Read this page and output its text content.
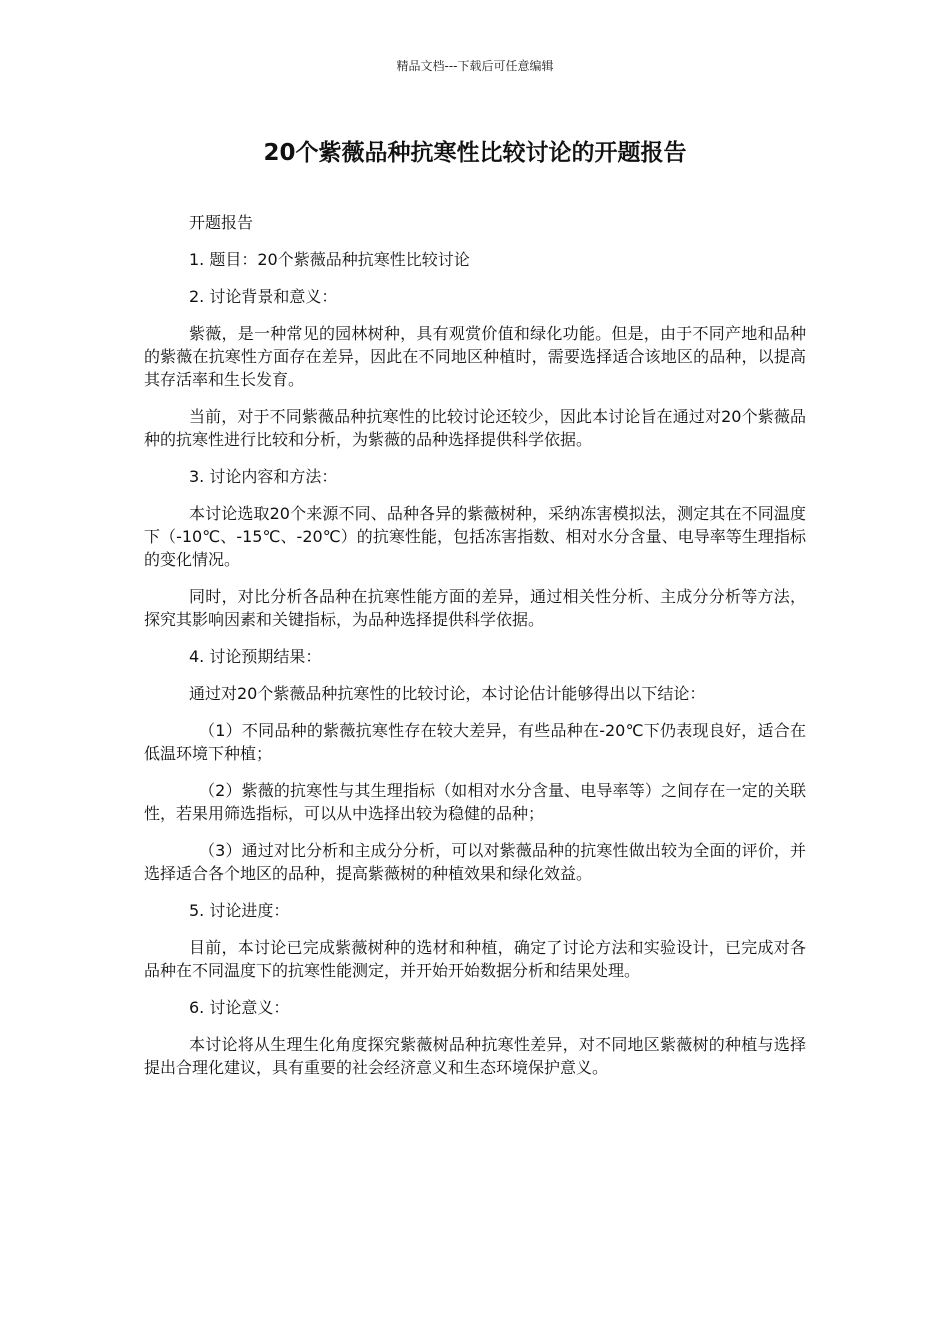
精品文档---下载后可任意编辑
20个紫薇品种抗寒性比较讨论的开题报告

开题报告

1. 题目：20个紫薇品种抗寒性比较讨论

2. 讨论背景和意义：

紫薇，是一种常见的园林树种，具有观赏价值和绿化功能。但是，由于不同产地和品种的紫薇在抗寒性方面存在差异，因此在不同地区种植时，需要选择适合该地区的品种，以提高其存活率和生长发育。

当前，对于不同紫薇品种抗寒性的比较讨论还较少，因此本讨论旨在通过对20个紫薇品种的抗寒性进行比较和分析，为紫薇的品种选择提供科学依据。

3. 讨论内容和方法：

本讨论选取20个来源不同、品种各异的紫薇树种，采纳冻害模拟法，测定其在不同温度下（-10℃、-15℃、-20℃）的抗寒性能，包括冻害指数、相对水分含量、电导率等生理指标的变化情况。

同时，对比分析各品种在抗寒性能方面的差异，通过相关性分析、主成分分析等方法，探究其影响因素和关键指标，为品种选择提供科学依据。

4. 讨论预期结果：

通过对20个紫薇品种抗寒性的比较讨论，本讨论估计能够得出以下结论：

（1）不同品种的紫薇抗寒性存在较大差异，有些品种在-20℃下仍表现良好，适合在低温环境下种植；

（2）紫薇的抗寒性与其生理指标（如相对水分含量、电导率等）之间存在一定的关联性，若果用筛选指标，可以从中选择出较为稳健的品种；

（3）通过对比分析和主成分分析，可以对紫薇品种的抗寒性做出较为全面的评价，并选择适合各个地区的品种，提高紫薇树的种植效果和绿化效益。

5. 讨论进度：

目前，本讨论已完成紫薇树种的选材和种植，确定了讨论方法和实验设计，已完成对各品种在不同温度下的抗寒性能测定，并开始开始数据分析和结果处理。

6. 讨论意义：

本讨论将从生理生化角度探究紫薇树品种抗寒性差异，对不同地区紫薇树的种植与选择提出合理化建议，具有重要的社会经济意义和生态环境保护意义。
